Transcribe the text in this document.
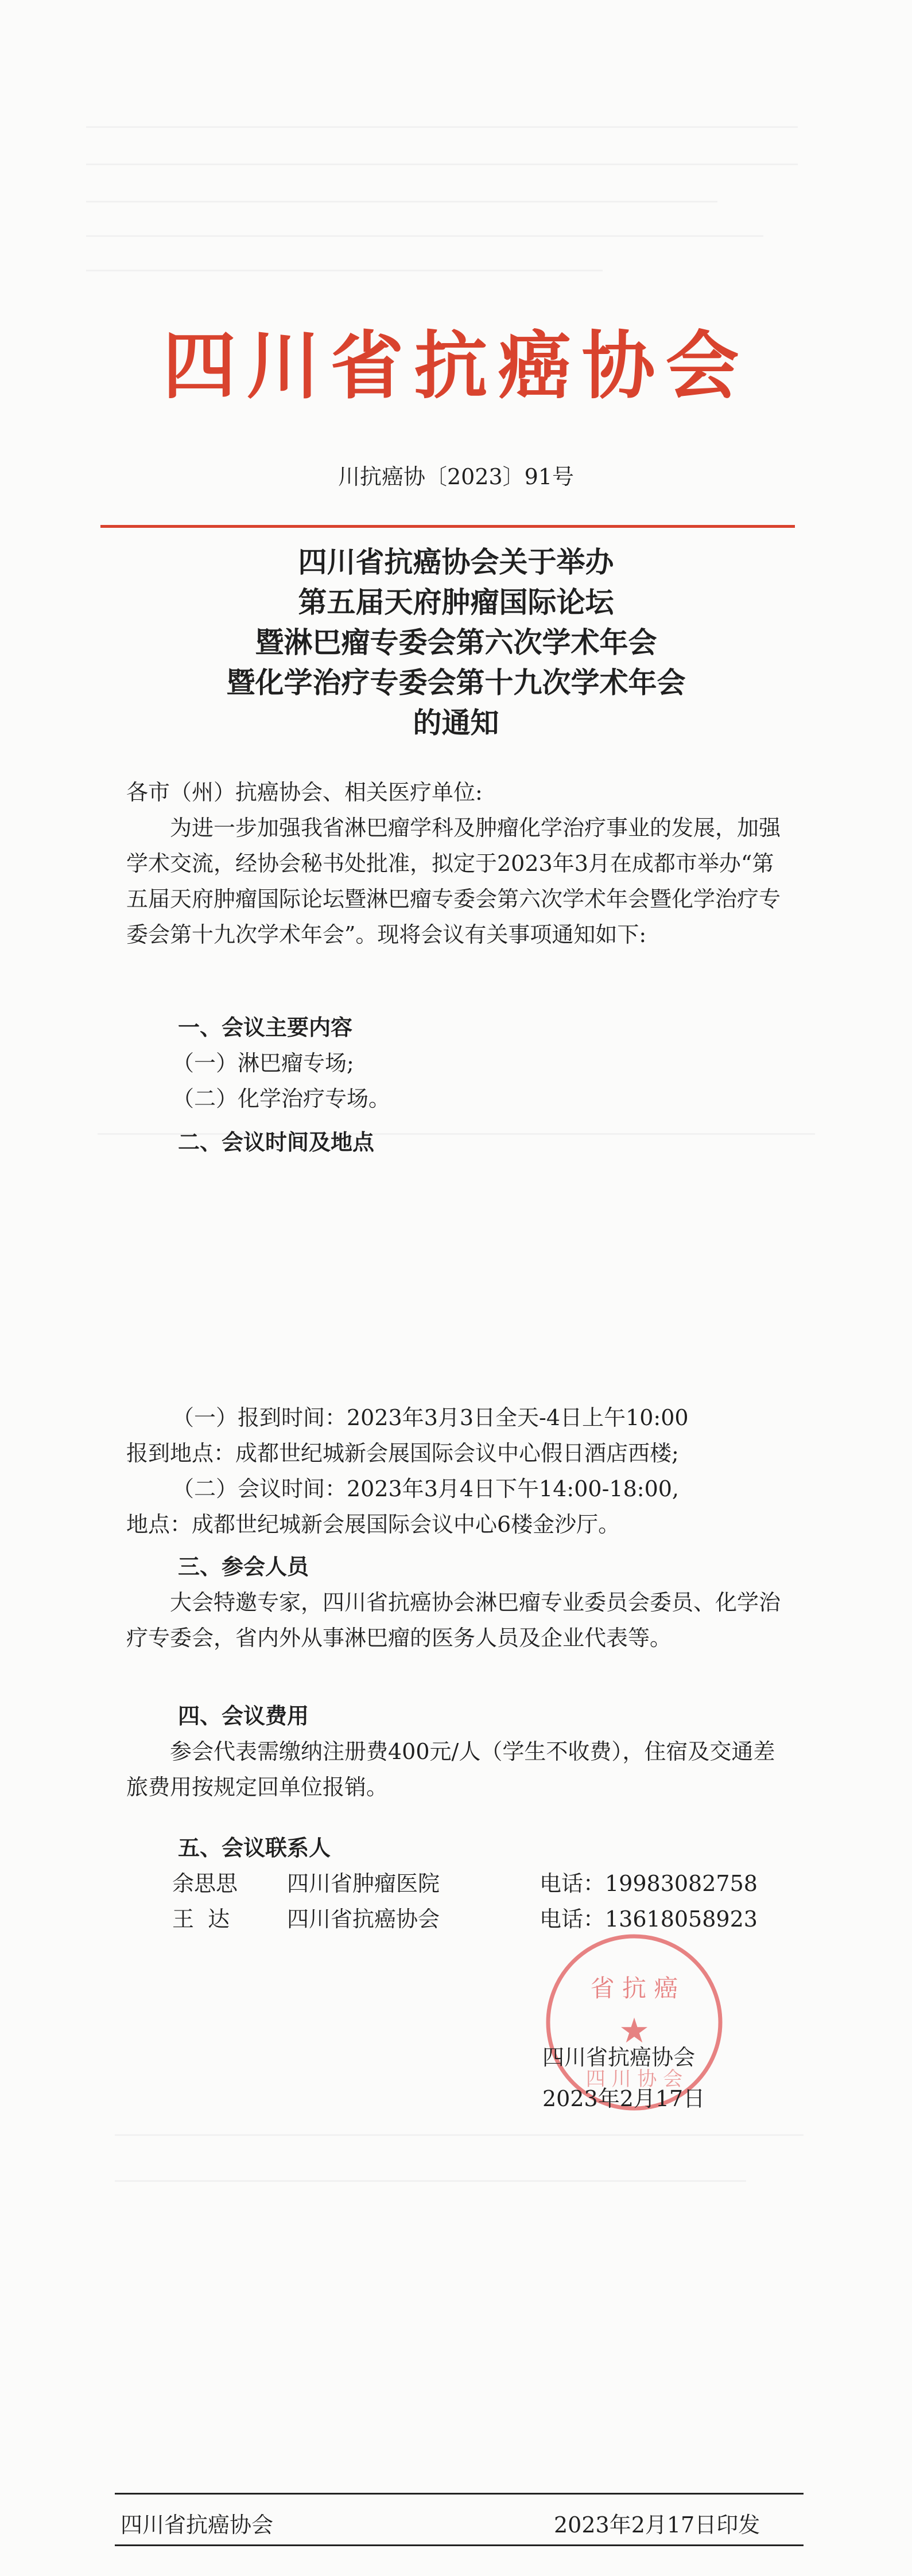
四川省抗癌协会
川抗癌协〔2023〕91号
四川省抗癌协会关于举办
第五届天府肿瘤国际论坛
暨淋巴瘤专委会第六次学术年会
暨化学治疗专委会第十九次学术年会
的通知
各市（州）抗癌协会、相关医疗单位:
为进一步加强我省淋巴瘤学科及肿瘤化学治疗事业的发展，加强学术交流，经协会秘书处批准，拟定于2023年3月在成都市举办“第五届天府肿瘤国际论坛暨淋巴瘤专委会第六次学术年会暨化学治疗专委会第十九次学术年会”。现将会议有关事项通知如下:
一、会议主要内容
（一）淋巴瘤专场;
（二）化学治疗专场。
二、会议时间及地点
（一）报到时间：2023年3月3日全天-4日上午10:00
报到地点：成都世纪城新会展国际会议中心假日酒店西楼;
（二）会议时间：2023年3月4日下午14:00-18:00,
地点：成都世纪城新会展国际会议中心6楼金沙厅。
三、参会人员
大会特邀专家，四川省抗癌协会淋巴瘤专业委员会委员、化学治疗专委会，省内外从事淋巴瘤的医务人员及企业代表等。
四、会议费用
参会代表需缴纳注册费400元/人（学生不收费），住宿及交通差旅费用按规定回单位报销。
五、会议联系人
余思思 四川省肿瘤医院	电话：19983082758
王  达	四川省抗癌协会	电话：13618058923
省 抗 癌
★
四 川 协 会
四川省抗癌协会
2023年2月17日
四川省抗癌协会	2023年2月17日印发
